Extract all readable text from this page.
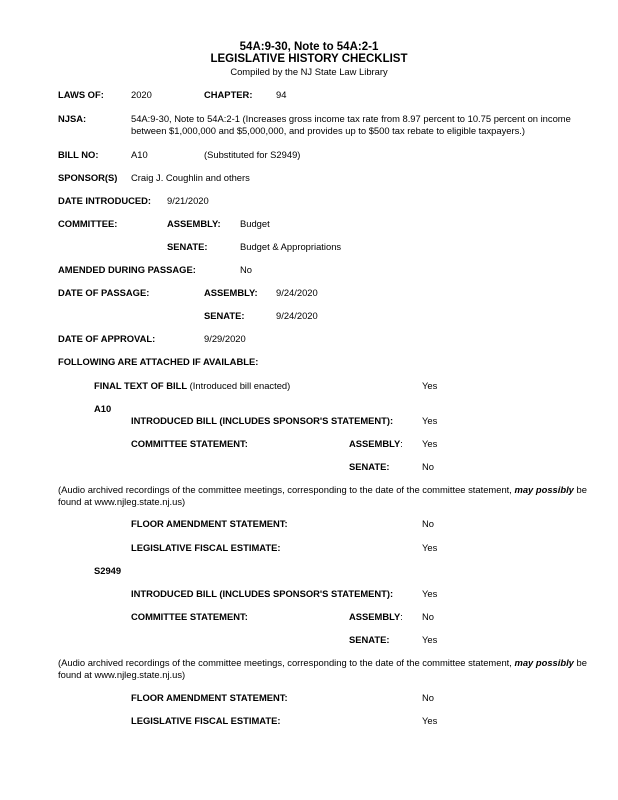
54A:9-30, Note to 54A:2-1
LEGISLATIVE HISTORY CHECKLIST
Compiled by the NJ State Law Library
LAWS OF:	2020	CHAPTER:	94
NJSA:	54A:9-30, Note to 54A:2-1 (Increases gross income tax rate from 8.97 percent to 10.75 percent on income between $1,000,000 and $5,000,000, and provides up to $500 tax rebate to eligible taxpayers.)
BILL NO:	A10	(Substituted for S2949)
SPONSOR(S) Craig J. Coughlin and others
DATE INTRODUCED: 9/21/2020
COMMITTEE:	ASSEMBLY: Budget
SENATE:	Budget & Appropriations
AMENDED DURING PASSAGE:	No
DATE OF PASSAGE:	ASSEMBLY: 9/24/2020
SENATE:	9/24/2020
DATE OF APPROVAL:	9/29/2020
FOLLOWING ARE ATTACHED IF AVAILABLE:
FINAL TEXT OF BILL (Introduced bill enacted)	Yes
A10
INTRODUCED BILL (INCLUDES SPONSOR'S STATEMENT):	Yes
COMMITTEE STATEMENT:	ASSEMBLY: Yes
SENATE:	No
(Audio archived recordings of the committee meetings, corresponding to the date of the committee statement, may possibly be found at www.njleg.state.nj.us)
FLOOR AMENDMENT STATEMENT:	No
LEGISLATIVE FISCAL ESTIMATE:	Yes
S2949
INTRODUCED BILL (INCLUDES SPONSOR'S STATEMENT):	Yes
COMMITTEE STATEMENT:	ASSEMBLY: No
SENATE:	Yes
(Audio archived recordings of the committee meetings, corresponding to the date of the committee statement, may possibly be found at www.njleg.state.nj.us)
FLOOR AMENDMENT STATEMENT:	No
LEGISLATIVE FISCAL ESTIMATE:	Yes
